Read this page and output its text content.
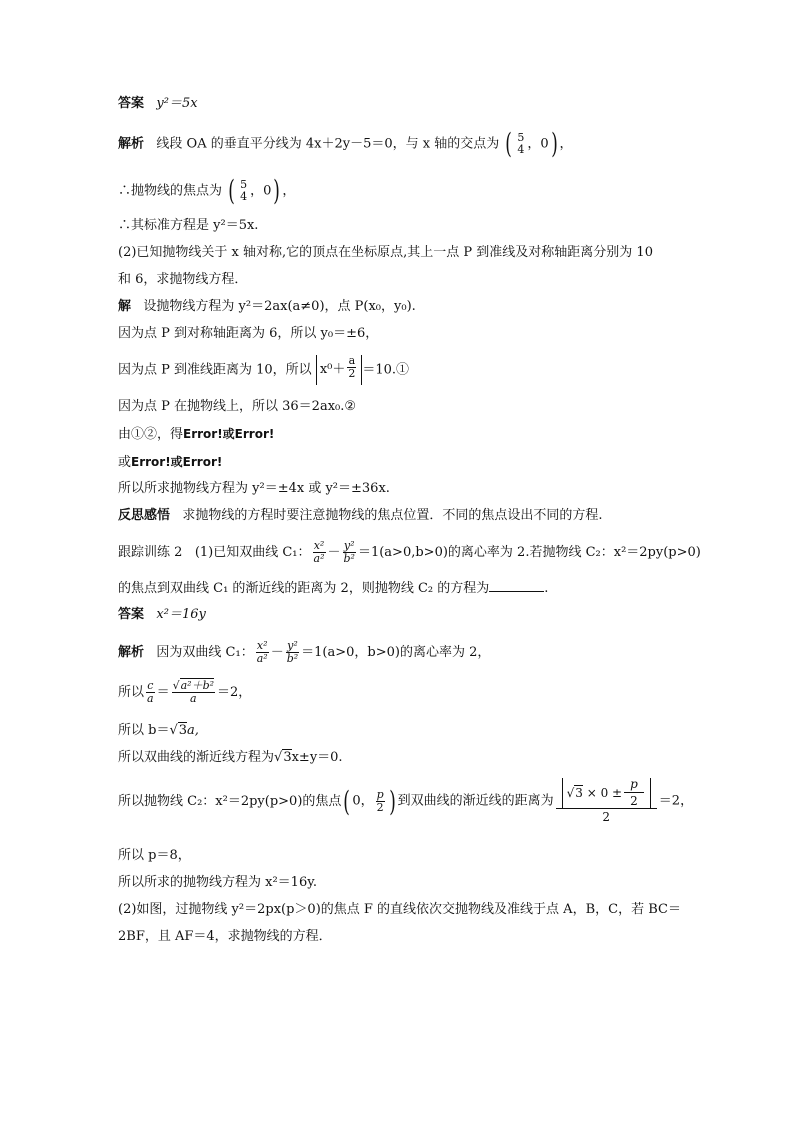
答案 y²＝5x
解析 线段 OA 的垂直平分线为 4x＋2y－5＝0，与 x 轴的交点为 ( 5
4 ，0) ，
∴抛物线的焦点为 ( 5
4 ，0) ，
∴其标准方程是 y²＝5x.
(2)已知抛物线关于 x 轴对称,它的顶点在坐标原点,其上一点 P 到准线及对称轴距离分别为 10
和 6，求抛物线方程．
解 设抛物线方程为 y²＝2ax(a≠0)，点 P(x₀，y₀).
因为点 P 到对称轴距离为 6，所以 y₀＝±6，
因为点 P 到准线距离为 10，所以 $x^0+ \frac{a}{2}$ ＝10.①
因为点 P 在抛物线上，所以 36＝2ax₀.②
由①②，得Error!或Error!
或Error!或Error!
所以所求抛物线方程为 y²＝±4x 或 y²＝±36x.
反思感悟 求抛物线的方程时要注意抛物线的焦点位置．不同的焦点设出不同的方程.
跟踪训练 2 (1)已知双曲线 C₁： $\frac{\text{x²}}{\text{a²}} - \frac{\text{y²}}{\text{b²}} =1(a>0,b>0)$的离心率为 2.若抛物线 C₂：x²＝2py(p>0)
的焦点到双曲线 C₁ 的渐近线的距离为 2，则抛物线 C₂ 的方程为	.
答案 x²＝16y
解析 因为双曲线 C₁： $\frac{\text{x²}}{\text{a²}} - \frac{\text{y²}}{\text{b²}} =1(a>0$，b>0)的离心率为 2，
所以 $\frac{c}{a} = \frac{\text{√a²＋b²}}{a} =2$，
所以 b＝√3a,
所以双曲线的渐近线方程为√3x±y＝0.
所以抛物线 C₂：x²＝2py(p>0)的焦点( 0， $\frac{p}{2}$ ) 到双曲线的渐近线的距离为 $\frac{√3 \times 0 \pm \frac{p}{2}}{2} =2$，
所以 p＝8，
所以所求的抛物线方程为 x²＝16y.
(2)如图，过抛物线 y²＝2px(p＞0)的焦点 F 的直线依次交抛物线及准线于点 A，B，C，若 BC＝
2BF，且 AF＝4，求抛物线的方程．
